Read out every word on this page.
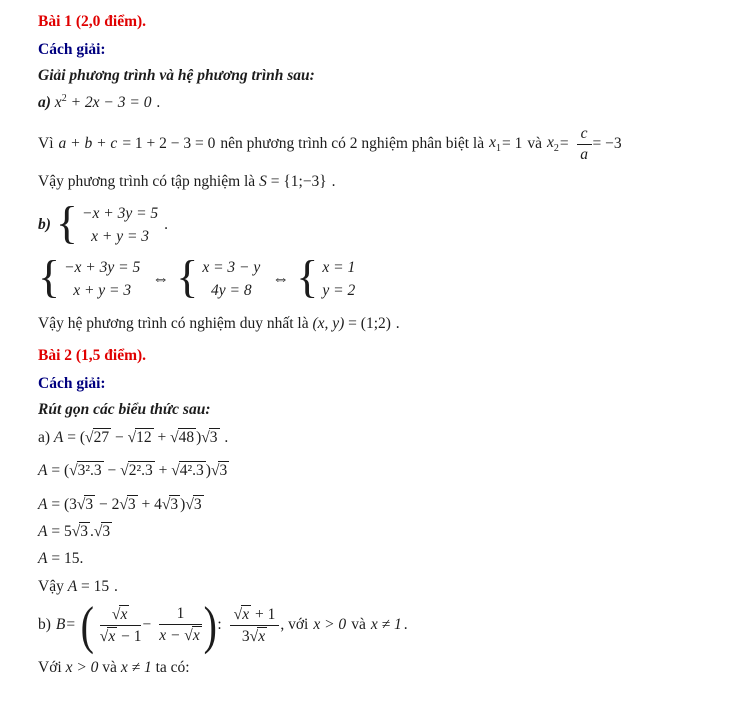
Bài 1 (2,0 điểm).
Cách giải:
Giải phương trình và hệ phương trình sau:
a) $x^2 + 2x - 3 = 0$ .
Vì a + b + c = 1 + 2 − 3 = 0 nên phương trình có 2 nghiệm phân biệt là $x_1 = 1$ và $x_2 = \frac{c}{a} = -3$
Vậy phương trình có tập nghiệm là S = {1;−3} .
b) { −x + 3y = 5
x + y = 3
.
{ −x + 3y = 5
x + y = 3
⇔ { x = 3 − y
4y = 8
⇔ { x = 1
y = 2
Vậy hệ phương trình có nghiệm duy nhất là (x, y) = (1;2) .
Bài 2 (1,5 điểm).
Cách giải:
Rút gọn các biểu thức sau:
a) A = (√27 − √12 + √48 )√3 .
A = (√3².3 − √2².3 + √4².3 )√3
A = (3√3 − 2√3 + 4√3 )√3
A = 5√3 .√3
A = 15.
Vậy A = 15 .
b) B = ( $\frac{√x}{√x - 1} - \frac{1}{x - √x}$ ) : $\frac{√x + 1}{3√x}$ , với x > 0 và x ≠ 1 .
Với x > 0 và x ≠ 1 ta có:
